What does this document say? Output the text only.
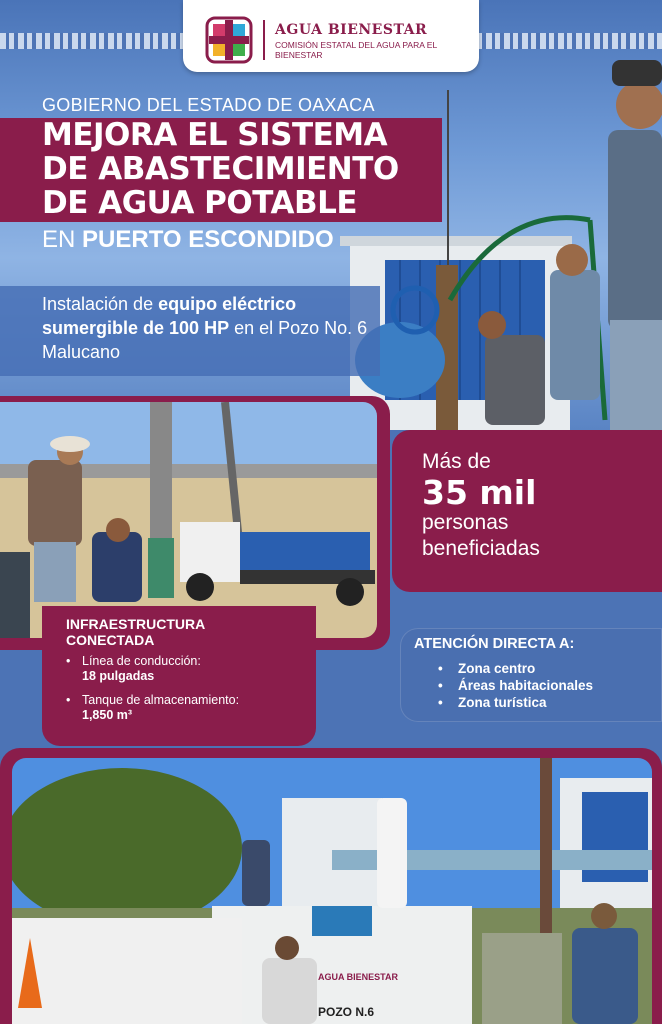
AGUA BIENESTAR
COMISIÓN ESTATAL DEL AGUA PARA EL BIENESTAR
GOBIERNO DEL ESTADO DE OAXACA
MEJORA EL SISTEMA
DE ABASTECIMIENTO
DE AGUA POTABLE
EN PUERTO ESCONDIDO
Instalación de equipo eléctrico sumergible de 100 HP en el Pozo No. 6 Malucano
Más de
35 mil
personas beneficiadas
INFRAESTRUCTURA CONECTADA
• Línea de conducción:
18 pulgadas
• Tanque de almacenamiento:
1,850 m³
ATENCIÓN DIRECTA A:
• Zona centro
• Áreas habitacionales
• Zona turística
AGUA BIENESTAR
POZO N.6
